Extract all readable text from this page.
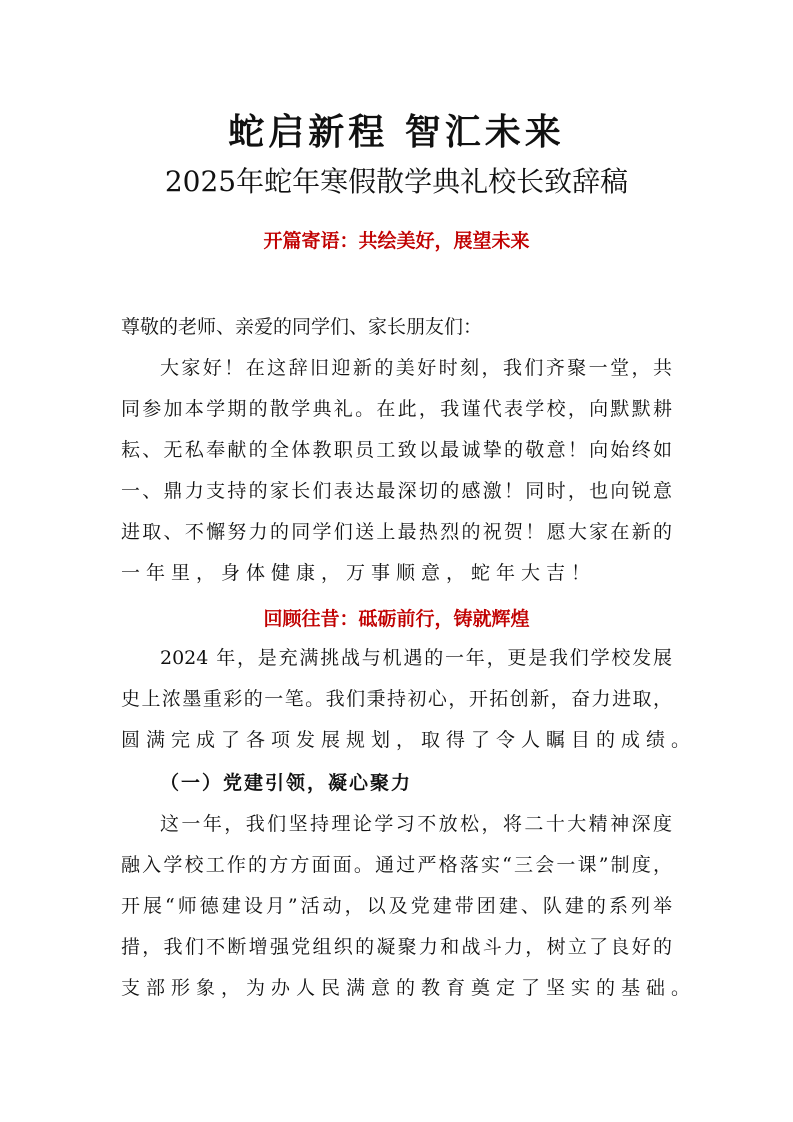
蛇启新程 智汇未来
2025年蛇年寒假散学典礼校长致辞稿
开篇寄语：共绘美好，展望未来
尊敬的老师、亲爱的同学们、家长朋友们：
大家好！在这辞旧迎新的美好时刻，我们齐聚一堂，共
同参加本学期的散学典礼。在此，我谨代表学校，向默默耕
耘、无私奉献的全体教职员工致以最诚挚的敬意！向始终如
一、鼎力支持的家长们表达最深切的感激！同时，也向锐意
进取、不懈努力的同学们送上最热烈的祝贺！愿大家在新的
一年里，身体健康，万事顺意，蛇年大吉！
回顾往昔：砥砺前行，铸就辉煌
2024 年，是充满挑战与机遇的一年，更是我们学校发展
史上浓墨重彩的一笔。我们秉持初心，开拓创新，奋力进取，
圆满完成了各项发展规划，取得了令人瞩目的成绩。
（一）党建引领，凝心聚力
这一年，我们坚持理论学习不放松，将二十大精神深度
融入学校工作的方方面面。通过严格落实“三会一课”制度，
开展“师德建设月”活动，以及党建带团建、队建的系列举
措，我们不断增强党组织的凝聚力和战斗力，树立了良好的
支部形象，为办人民满意的教育奠定了坚实的基础。
